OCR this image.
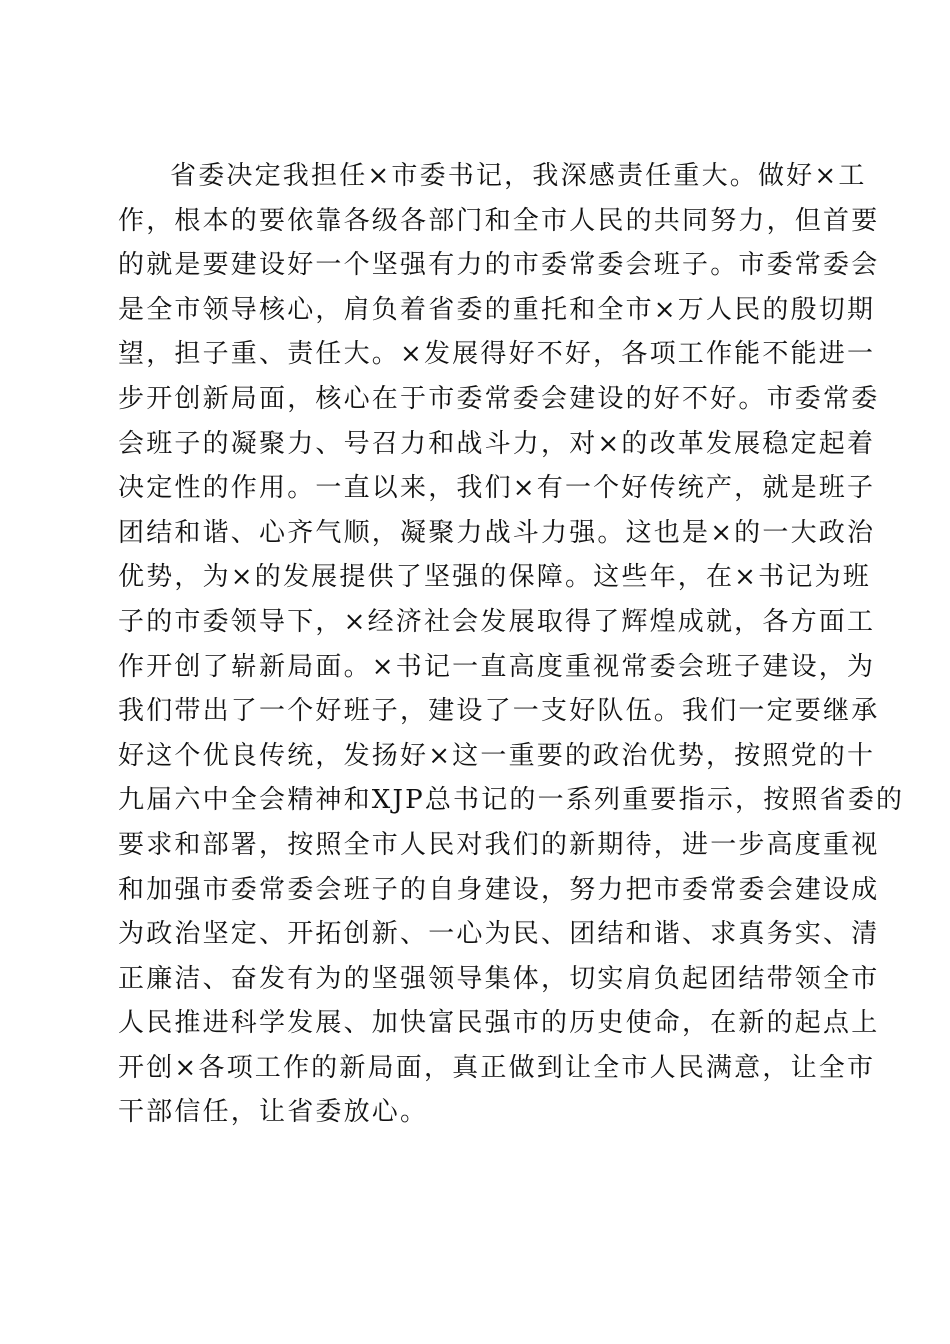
省委决定我担任×市委书记，我深感责任重大。做好×工
作，根本的要依靠各级各部门和全市人民的共同努力，但首要
的就是要建设好一个坚强有力的市委常委会班子。市委常委会
是全市领导核心，肩负着省委的重托和全市×万人民的殷切期
望，担子重、责任大。×发展得好不好，各项工作能不能进一
步开创新局面，核心在于市委常委会建设的好不好。市委常委
会班子的凝聚力、号召力和战斗力，对×的改革发展稳定起着
决定性的作用。一直以来，我们×有一个好传统产，就是班子
团结和谐、心齐气顺，凝聚力战斗力强。这也是×的一大政治
优势，为×的发展提供了坚强的保障。这些年，在×书记为班
子的市委领导下，×经济社会发展取得了辉煌成就，各方面工
作开创了崭新局面。×书记一直高度重视常委会班子建设，为
我们带出了一个好班子，建设了一支好队伍。我们一定要继承
好这个优良传统，发扬好×这一重要的政治优势，按照党的十
九届六中全会精神和XJP总书记的一系列重要指示，按照省委的
要求和部署，按照全市人民对我们的新期待，进一步高度重视
和加强市委常委会班子的自身建设，努力把市委常委会建设成
为政治坚定、开拓创新、一心为民、团结和谐、求真务实、清
正廉洁、奋发有为的坚强领导集体，切实肩负起团结带领全市
人民推进科学发展、加快富民强市的历史使命，在新的起点上
开创×各项工作的新局面，真正做到让全市人民满意，让全市
干部信任，让省委放心。
